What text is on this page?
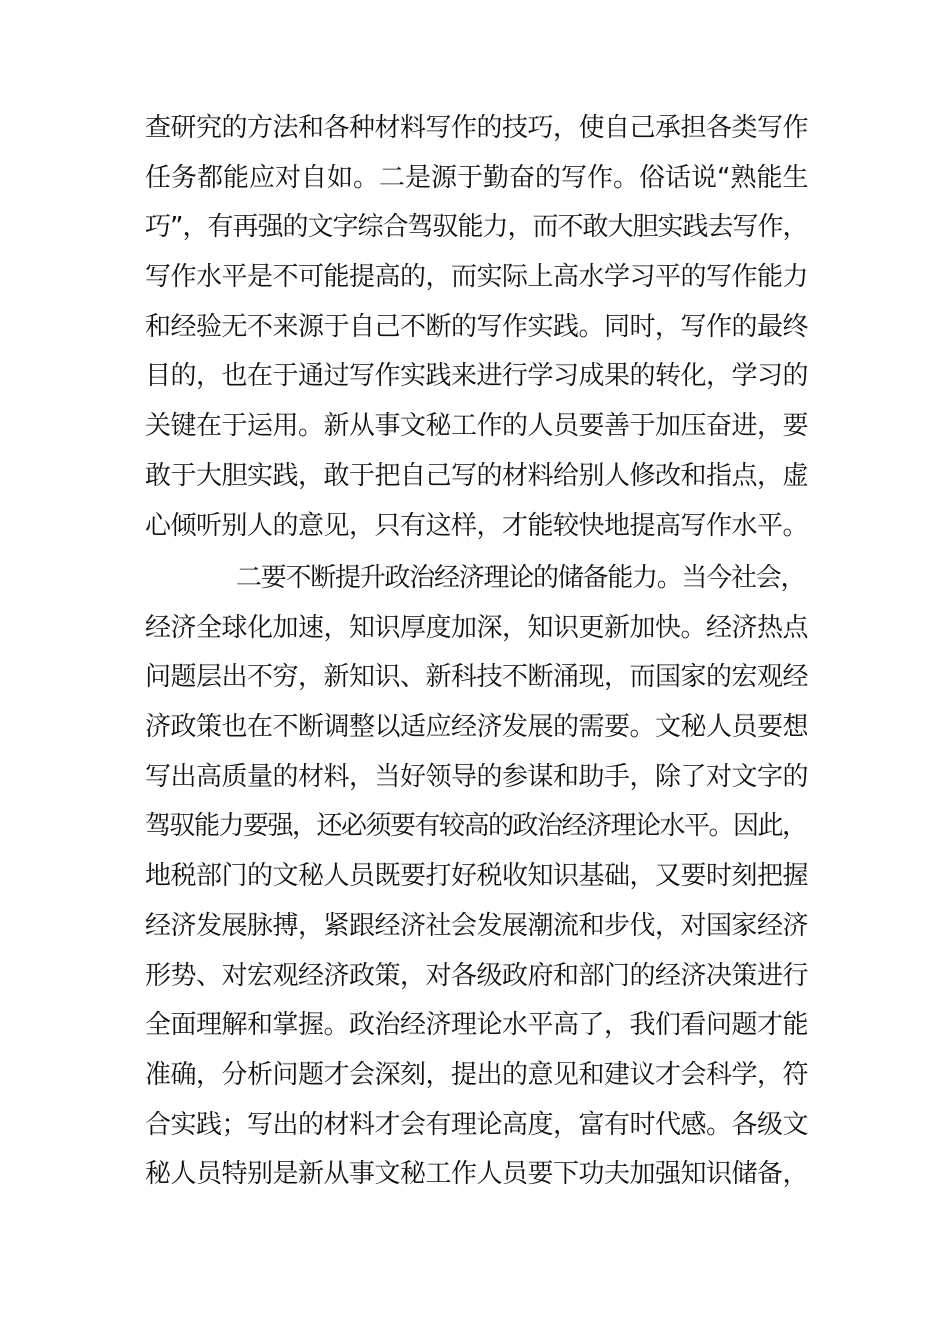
查研究的方法和各种材料写作的技巧，使自己承担各类写作
任务都能应对自如。二是源于勤奋的写作。俗话说“熟能生
巧”，有再强的文字综合驾驭能力，而不敢大胆实践去写作，
写作水平是不可能提高的，而实际上高水学习平的写作能力
和经验无不来源于自己不断的写作实践。同时，写作的最终
目的，也在于通过写作实践来进行学习成果的转化，学习的
关键在于运用。新从事文秘工作的人员要善于加压奋进，要
敢于大胆实践，敢于把自己写的材料给别人修改和指点，虚
心倾听别人的意见，只有这样，才能较快地提高写作水平。
二要不断提升政治经济理论的储备能力。当今社会，
经济全球化加速，知识厚度加深，知识更新加快。经济热点
问题层出不穷，新知识、新科技不断涌现，而国家的宏观经
济政策也在不断调整以适应经济发展的需要。文秘人员要想
写出高质量的材料，当好领导的参谋和助手，除了对文字的
驾驭能力要强，还必须要有较高的政治经济理论水平。因此，
地税部门的文秘人员既要打好税收知识基础，又要时刻把握
经济发展脉搏，紧跟经济社会发展潮流和步伐，对国家经济
形势、对宏观经济政策，对各级政府和部门的经济决策进行
全面理解和掌握。政治经济理论水平高了，我们看问题才能
准确，分析问题才会深刻，提出的意见和建议才会科学，符
合实践；写出的材料才会有理论高度，富有时代感。各级文
秘人员特别是新从事文秘工作人员要下功夫加强知识储备，
